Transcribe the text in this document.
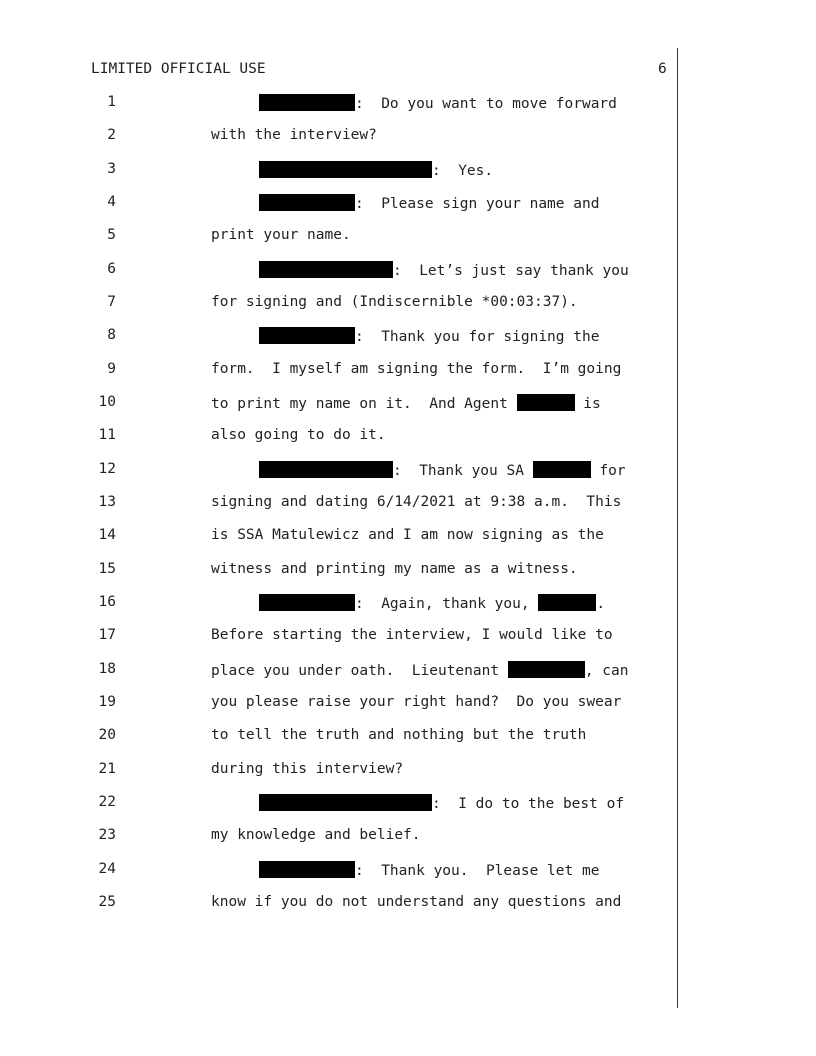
LIMITED OFFICIAL USE	6
1	:  Do you want to move forward
2	with the interview?
3	:  Yes.
4	:  Please sign your name and
5	print your name.
6	:  Let’s just say thank you
7	for signing and (Indiscernible *00:03:37).
8	:  Thank you for signing the
9	form.  I myself am signing the form.  I’m going
10	to print my name on it.  And Agent	is
11	also going to do it.
12	:  Thank you SA	for
13	signing and dating 6/14/2021 at 9:38 a.m.  This
14	is SSA Matulewicz and I am now signing as the
15	witness and printing my name as a witness.
16	:  Again, thank you,	.
17	Before starting the interview, I would like to
18	place you under oath.  Lieutenant	, can
19	you please raise your right hand?  Do you swear
20	to tell the truth and nothing but the truth
21	during this interview?
22	:  I do to the best of
23	my knowledge and belief.
24	:  Thank you.  Please let me
25	know if you do not understand any questions and
